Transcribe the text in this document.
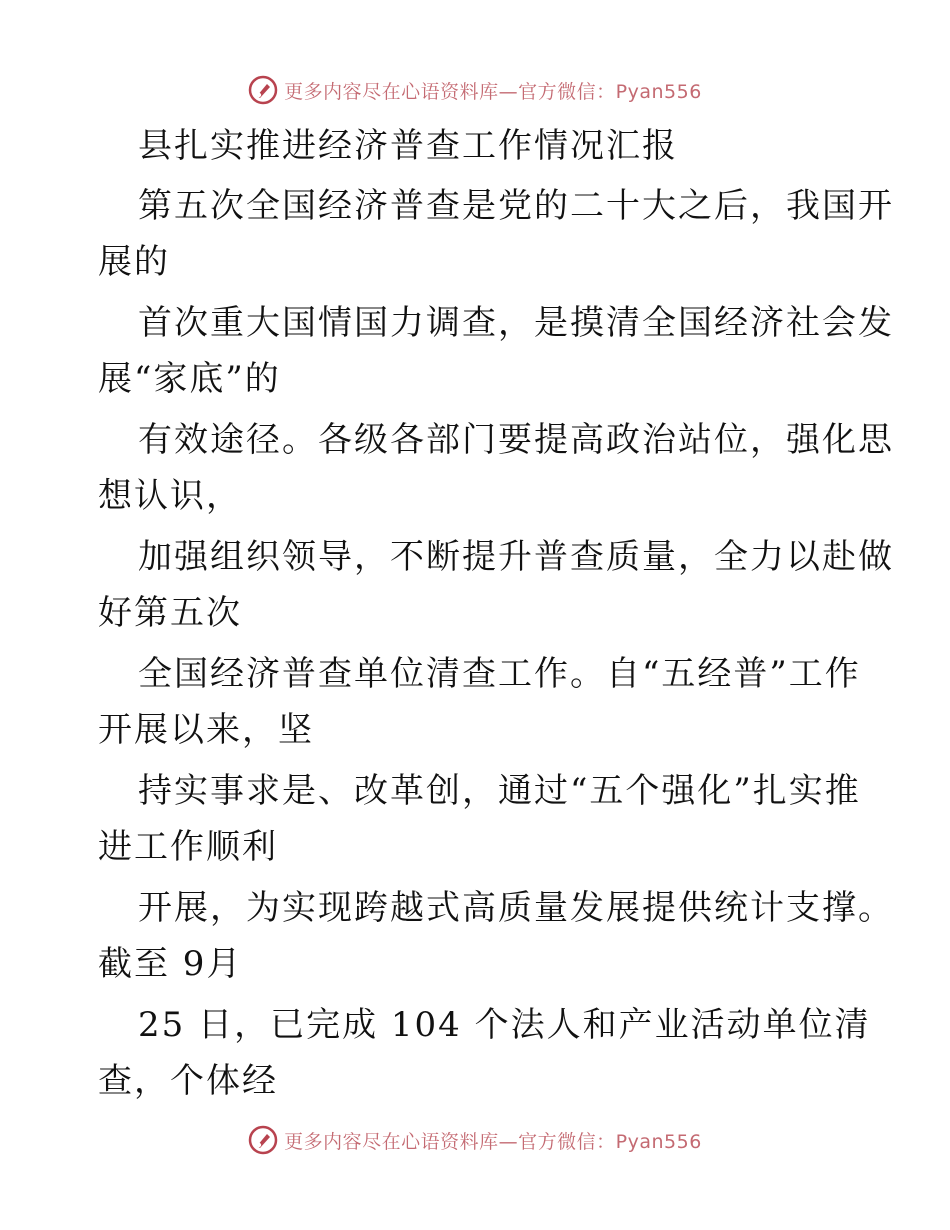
更多内容尽在心语资料库—官方微信：Pyan556
县扎实推进经济普查工作情况汇报
第五次全国经济普查是党的二十大之后，我国开
展的
首次重大国情国力调查，是摸清全国经济社会发
展“家底”的
有效途径。各级各部门要提高政治站位，强化思
想认识，
加强组织领导，不断提升普查质量，全力以赴做
好第五次
全国经济普查单位清查工作。自“五经普”工作
开展以来，坚
持实事求是、改革创，通过“五个强化”扎实推
进工作顺利
开展，为实现跨越式高质量发展提供统计支撑。
截至 9月
25 日，已完成 104 个法人和产业活动单位清
查，个体经
更多内容尽在心语资料库—官方微信：Pyan556
